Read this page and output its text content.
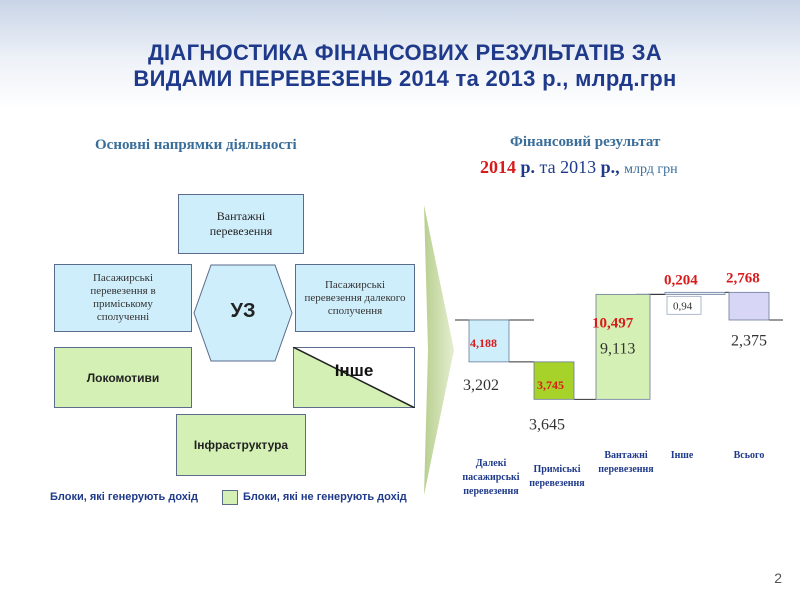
ДІАГНОСТИКА ФІНАНСОВИХ РЕЗУЛЬТАТІВ ЗА
ВИДАМИ ПЕРЕВЕЗЕНЬ 2014 та 2013 р., млрд.грн
Основні напрямки діяльності	Фінансовий результат
2014 р. та 2013 р., млрд грн
Вантажні перевезення
Пасажирські перевезення в приміському сполученні	УЗ
Пасажирські перевезення далекого сполучення
Локомотиви	Інше
Інфраструктура
Блоки, які генерують дохід	Блоки, які не генерують дохід
4,188
3,745
10,497
0,204 2,768
3,202
3,645
9,113
0,94
2,375
Далекі пасажирські перевезення
Приміські перевезення
Вантажні перевезення
Інше	Всього
2
